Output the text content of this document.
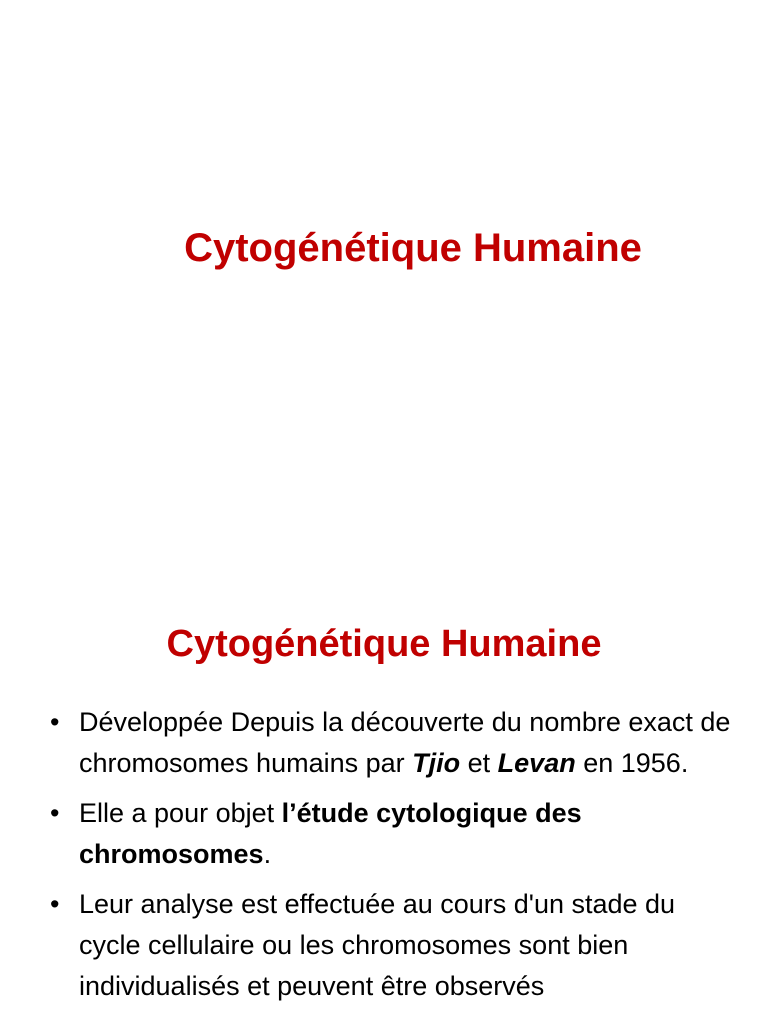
Cytogénétique Humaine
Cytogénétique Humaine
• Développée Depuis la découverte du nombre exact de chromosomes humains par Tjio et Levan en 1956.
• Elle a pour objet l’étude cytologique des chromosomes.
• Leur analyse est effectuée au cours d'un stade du cycle cellulaire ou les chromosomes sont bien individualisés et peuvent être observés
